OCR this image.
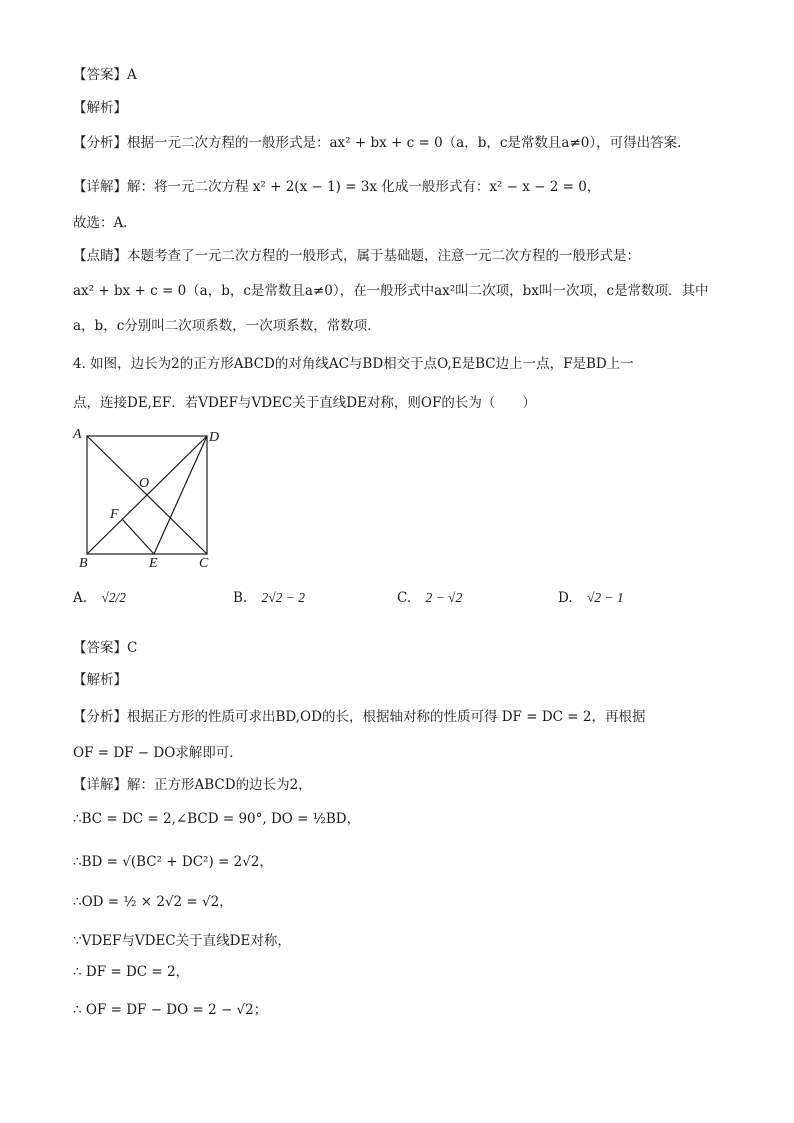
【答案】A
【解析】
【分析】根据一元二次方程的一般形式是：ax² + bx + c = 0（a，b，c是常数且a≠0），可得出答案．
【详解】解：将一元二次方程 x² + 2(x − 1) = 3x 化成一般形式有：x² − x − 2 = 0，
故选：A．
【点睛】本题考查了一元二次方程的一般形式，属于基础题，注意一元二次方程的一般形式是：
ax² + bx + c = 0（a，b，c是常数且a≠0），在一般形式中ax²叫二次项，bx叫一次项，c是常数项．其中
a，b，c分别叫二次项系数，一次项系数，常数项．
4. 如图，边长为2的正方形ABCD的对角线AC与BD相交于点O,E是BC边上一点，F是BD上一
点，连接DE,EF．若VDEF与VDEC关于直线DE对称，则OF的长为（　　）
A	D
O
F
B	E	C
A. √2/2	B. 2√2 − 2	C. 2 − √2	D. √2 − 1
【答案】C
【解析】
【分析】根据正方形的性质可求出BD,OD的长，根据轴对称的性质可得 DF = DC = 2，再根据
OF = DF − DO求解即可．
【详解】解：正方形ABCD的边长为2，
∴BC = DC = 2,∠BCD = 90°, DO = ½BD，
∴BD = √(BC² + DC²) = 2√2，
∴OD = ½ × 2√2 = √2，
∵VDEF与VDEC关于直线DE对称，
∴ DF = DC = 2，
∴ OF = DF − DO = 2 − √2；
